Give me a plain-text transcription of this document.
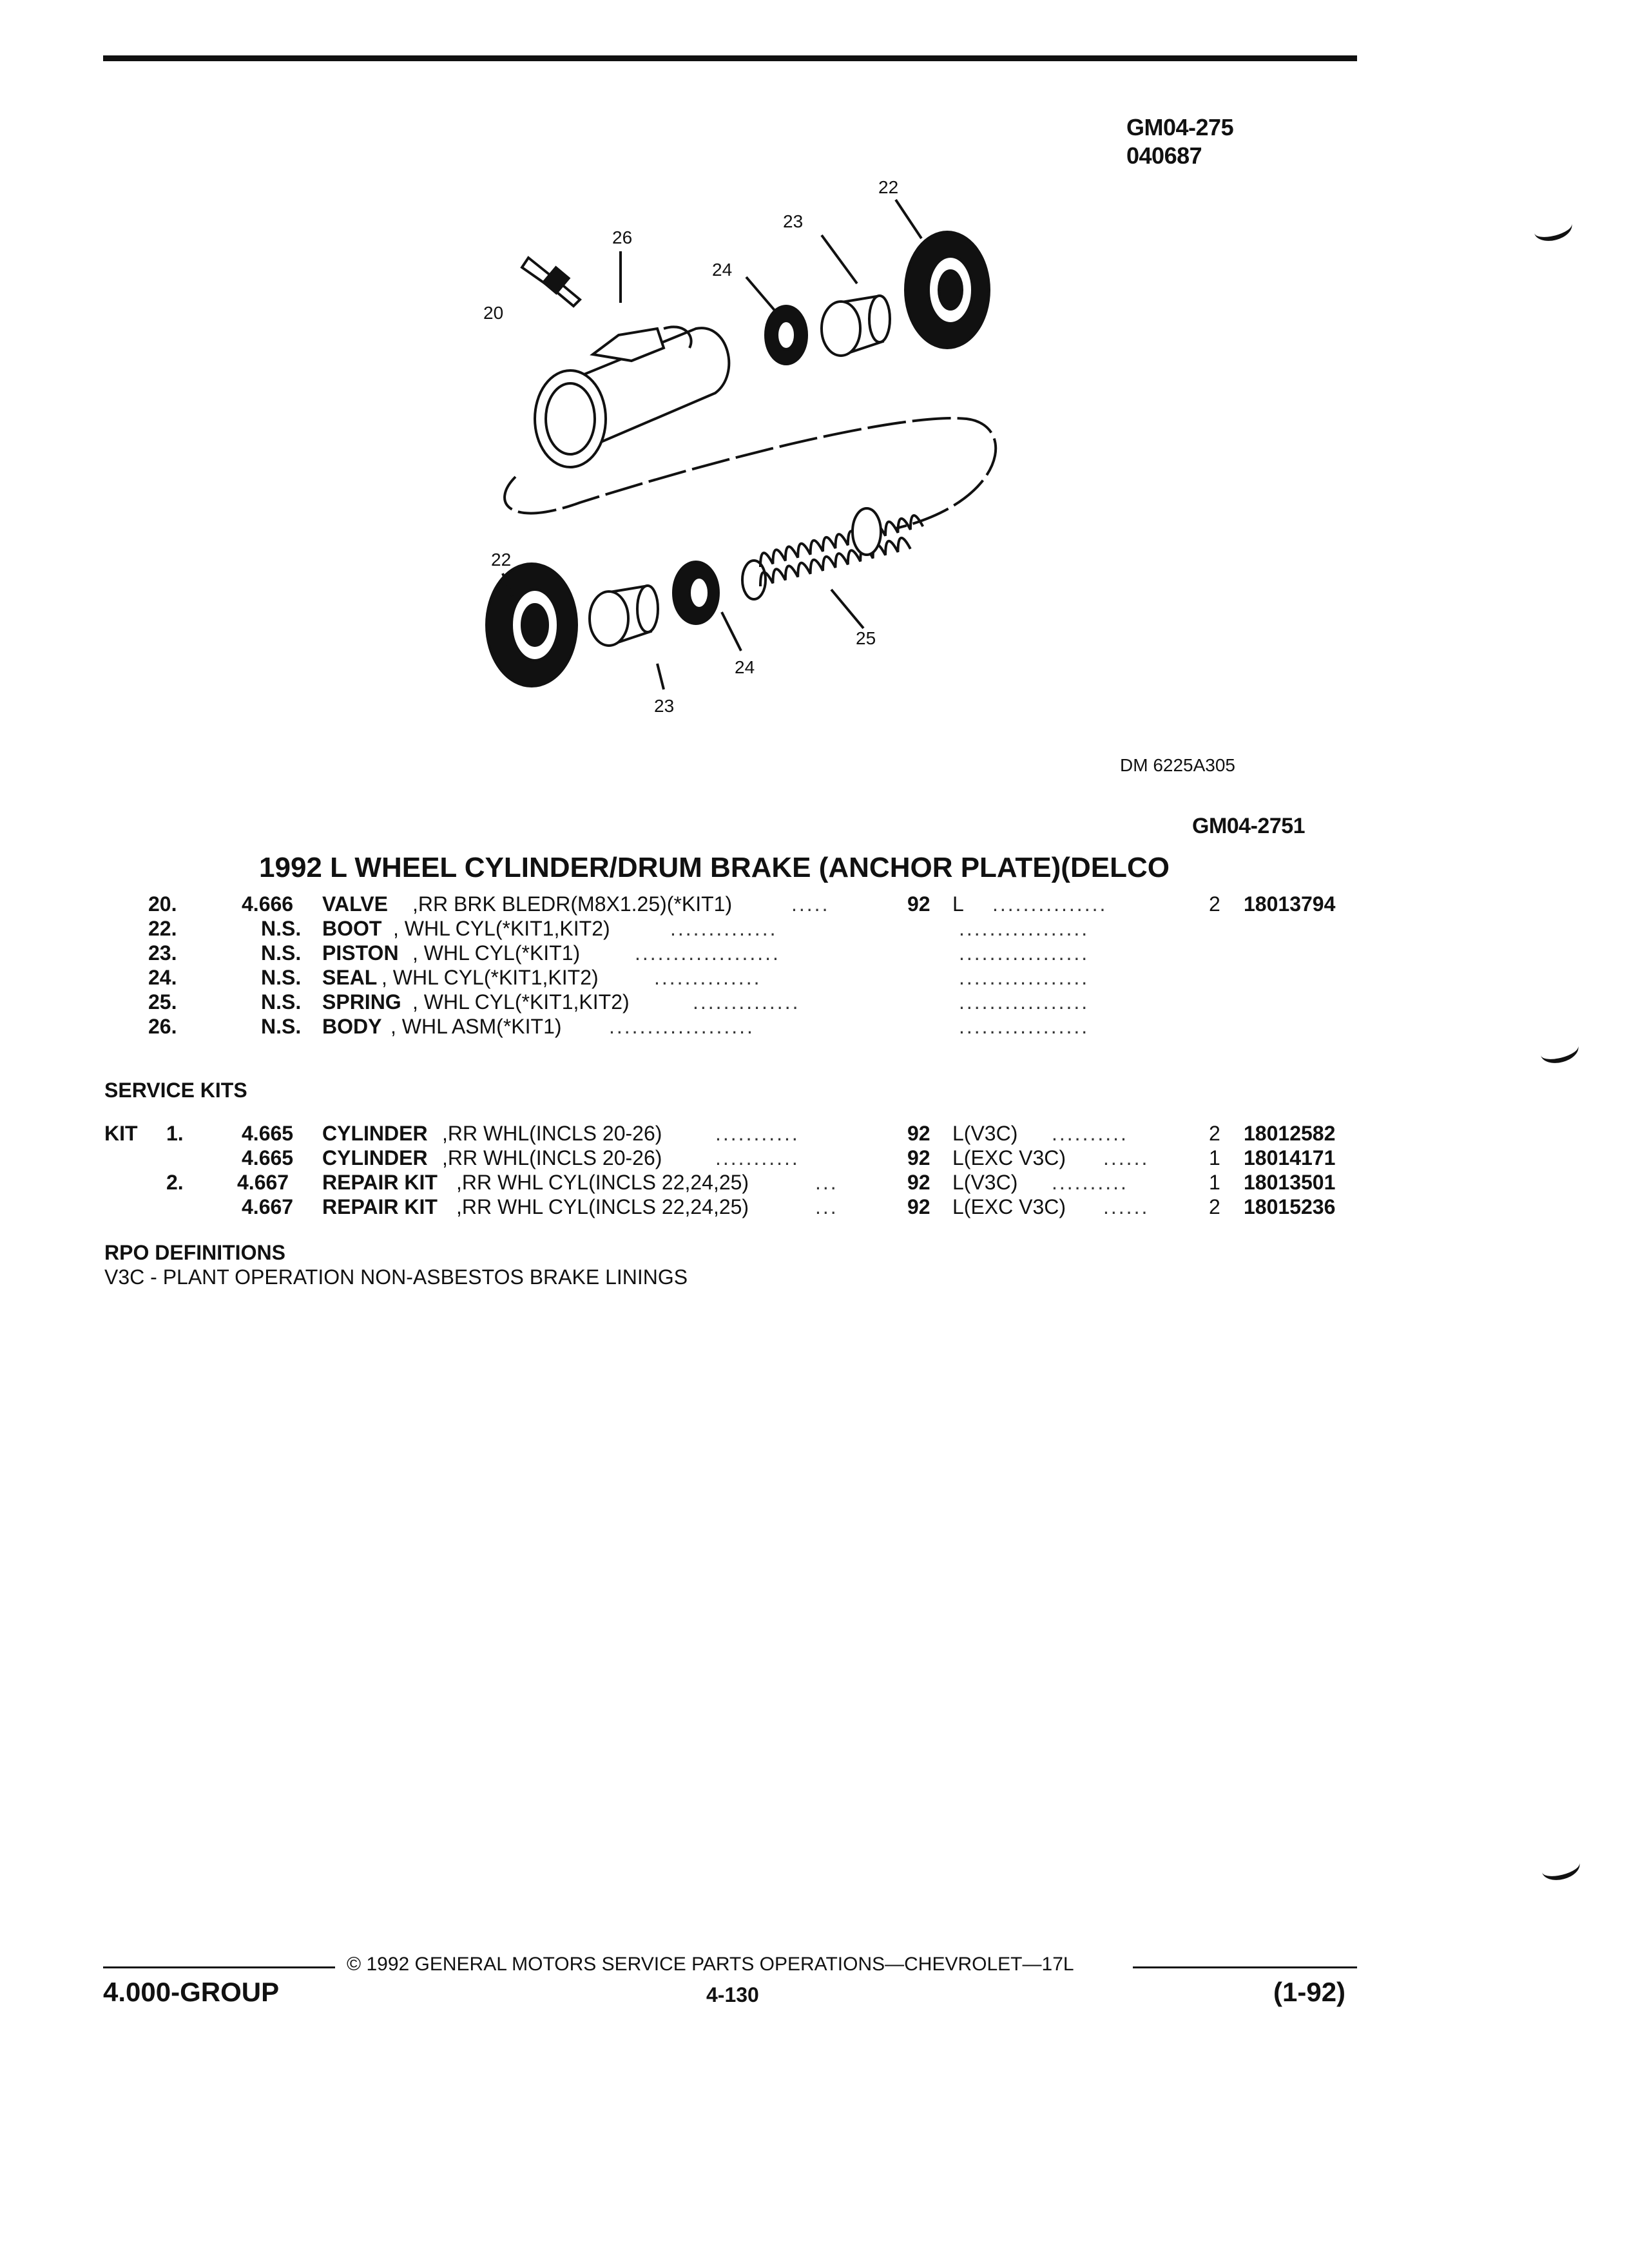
GM04-275
040687
20
26
24
23
22
22
23
24
25
DM 6225A305
GM04-2751
1992 L WHEEL CYLINDER/DRUM BRAKE (ANCHOR PLATE)(DELCO
20.	4.666 VALVE ,RR BRK BLEDR(M8X1.25)(*KIT1)	.....	92 L ...............	2 18013794
22.	N.S. BOOT , WHL CYL(*KIT1,KIT2)	..............	.................
23.	N.S. PISTON , WHL CYL(*KIT1)	...................	.................
24.	N.S. SEAL , WHL CYL(*KIT1,KIT2)	..............	.................
25.	N.S. SPRING , WHL CYL(*KIT1,KIT2)	..............	.................
26.	N.S. BODY , WHL ASM(*KIT1) ...................	.................
SERVICE KITS
KIT 1.	4.665 CYLINDER ,RR WHL(INCLS 20-26)	...........	92 L(V3C) ..........	2 18012582
4.665 CYLINDER ,RR WHL(INCLS 20-26)	...........	92 L(EXC V3C) ......	1 18014171
2.	4.667 REPAIR KIT ,RR WHL CYL(INCLS 22,24,25)	...	92 L(V3C) ..........	1 18013501
4.667 REPAIR KIT ,RR WHL CYL(INCLS 22,24,25)	...	92 L(EXC V3C) ......	2 18015236
RPO DEFINITIONS
V3C - PLANT OPERATION NON-ASBESTOS BRAKE LININGS
© 1992 GENERAL MOTORS SERVICE PARTS OPERATIONS—CHEVROLET—17L
4.000-GROUP	4-130	(1-92)
